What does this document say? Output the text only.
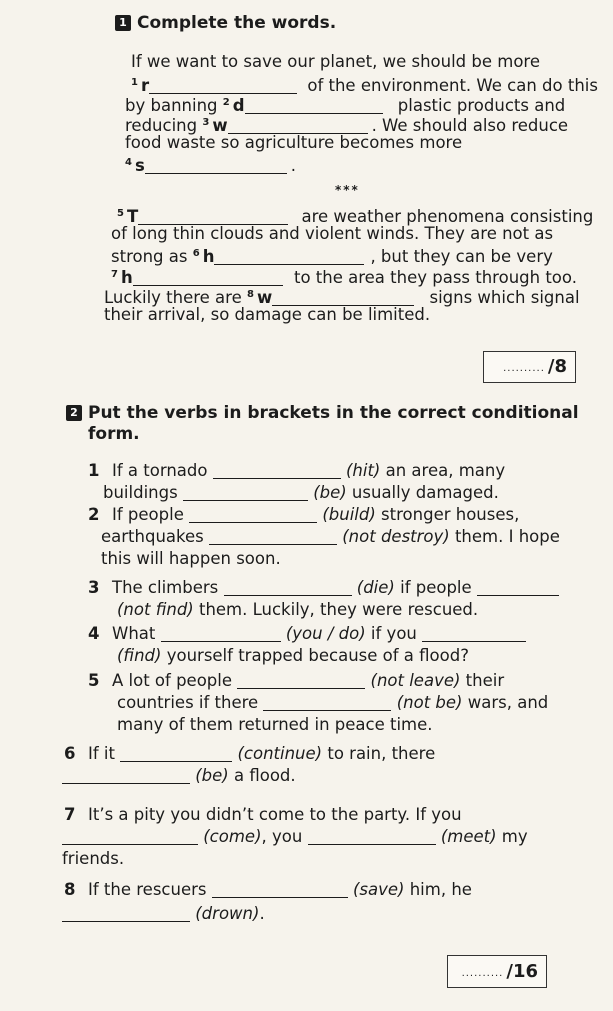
1 Complete the words.
If we want to save our planet, we should be more
$^1$ r	of the environment. We can do this
by banning $^2$ d	plastic products and
reducing $^3$ w	. We should also reduce
food waste so agriculture becomes more
$^4$ s	.
***
$^5$ T	are weather phenomena consisting
of long thin clouds and violent winds. They are not as
strong as $^6$ h	, but they can be very
$^7$ h	to the area they pass through too.
Luckily there are $^8$ w	signs which signal
their arrival, so damage can be limited.
.......... /8
2 Put the verbs in brackets in the correct conditional
form.
1 If a tornado	(hit) an area, many
buildings	(be) usually damaged.
2 If people	(build) stronger houses,
earthquakes	(not destroy) them. I hope
this will happen soon.
3 The climbers	(die) if people
(not find) them. Luckily, they were rescued.
4 What	(you / do) if you
(find) yourself trapped because of a flood?
5 A lot of people	(not leave) their
countries if there	(not be) wars, and
many of them returned in peace time.
6 If it	(continue) to rain, there
(be) a flood.
7 It’s a pity you didn’t come to the party. If you
(come), you	(meet) my
friends.
8 If the rescuers	(save) him, he
(drown).
.......... /16
